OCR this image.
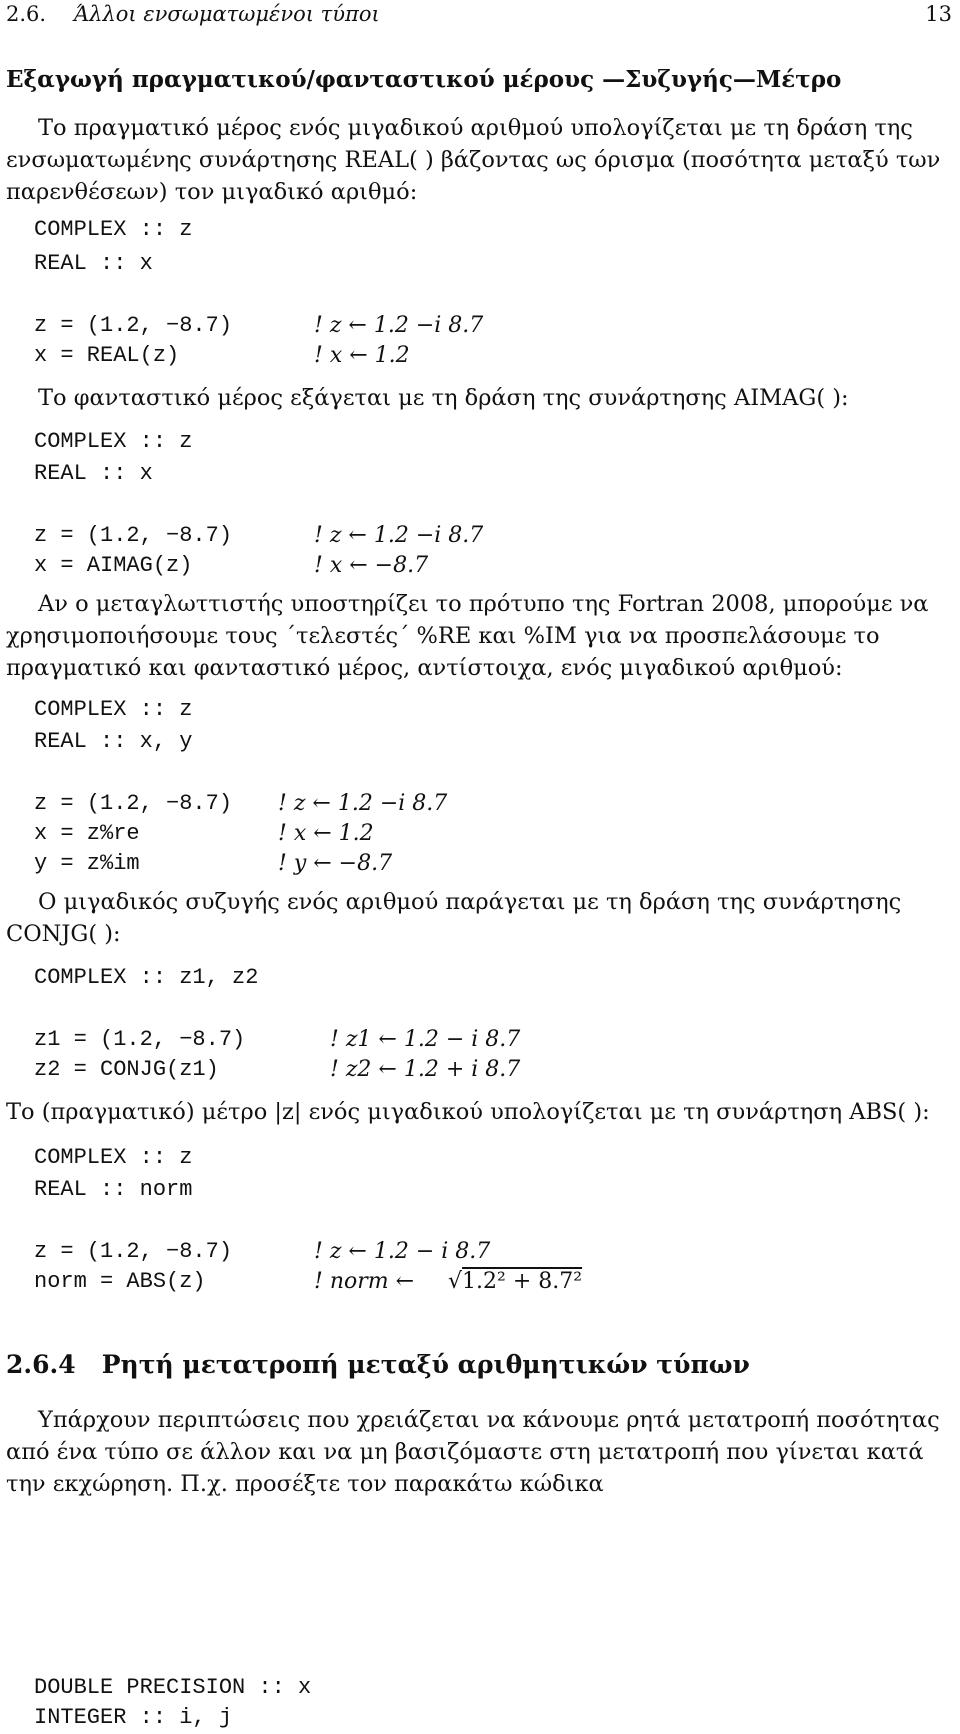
2.6. Άλλοι ενσωματωμένοι τύποι	13
Εξαγωγή πραγματικού/φανταστικού μέρους —Συζυγής—Μέτρο
Το πραγματικό μέρος ενός μιγαδικού αριθμού υπολογίζεται με τη δράση της ενσωματωμένης συνάρτησης REAL( ) βάζοντας ως όρισμα (ποσότητα μεταξύ των παρενθέσεων) τον μιγαδικό αριθμό:
COMPLEX :: z
REAL :: x
z = (1.2, −8.7)	! z ← 1.2 −i 8.7
x = REAL(z)	! x ← 1.2
Το φανταστικό μέρος εξάγεται με τη δράση της συνάρτησης AIMAG( ):
COMPLEX :: z
REAL :: x
z = (1.2, −8.7)	! z ← 1.2 −i 8.7
x = AIMAG(z)	! x ← −8.7
Αν ο μεταγλωττιστής υποστηρίζει το πρότυπο της Fortran 2008, μπορούμε να χρησιμοποιήσουμε τους ΄τελεστές΄ %RE και %IM για να προσπελάσουμε το πραγματικό και φανταστικό μέρος, αντίστοιχα, ενός μιγαδικού αριθμού:
COMPLEX :: z
REAL :: x, y
z = (1.2, −8.7) ! z ← 1.2 −i 8.7
x = z%re	! x ← 1.2
y = z%im	! y ← −8.7
Ο μιγαδικός συζυγής ενός αριθμού παράγεται με τη δράση της συνάρτησης CONJG( ):
COMPLEX :: z1, z2
z1 = (1.2, −8.7)	! z1 ← 1.2 − i 8.7
z2 = CONJG(z1)	! z2 ← 1.2 + i 8.7
Το (πραγματικό) μέτρο |z| ενός μιγαδικού υπολογίζεται με τη συνάρτηση ABS( ):
COMPLEX :: z
REAL :: norm
z = (1.2, −8.7)	! z ← 1.2 − i 8.7
norm = ABS(z)	! norm ← √1.2² + 8.7²
2.6.4 Ρητή μετατροπή μεταξύ αριθμητικών τύπων
Υπάρχουν περιπτώσεις που χρειάζεται να κάνουμε ρητά μετατροπή ποσότητας από ένα τύπο σε άλλον και να μη βασιζόμαστε στη μετατροπή που γίνεται κατά την εκχώρηση. Π.χ. προσέξτε τον παρακάτω κώδικα
DOUBLE PRECISION :: x
INTEGER :: i, j
